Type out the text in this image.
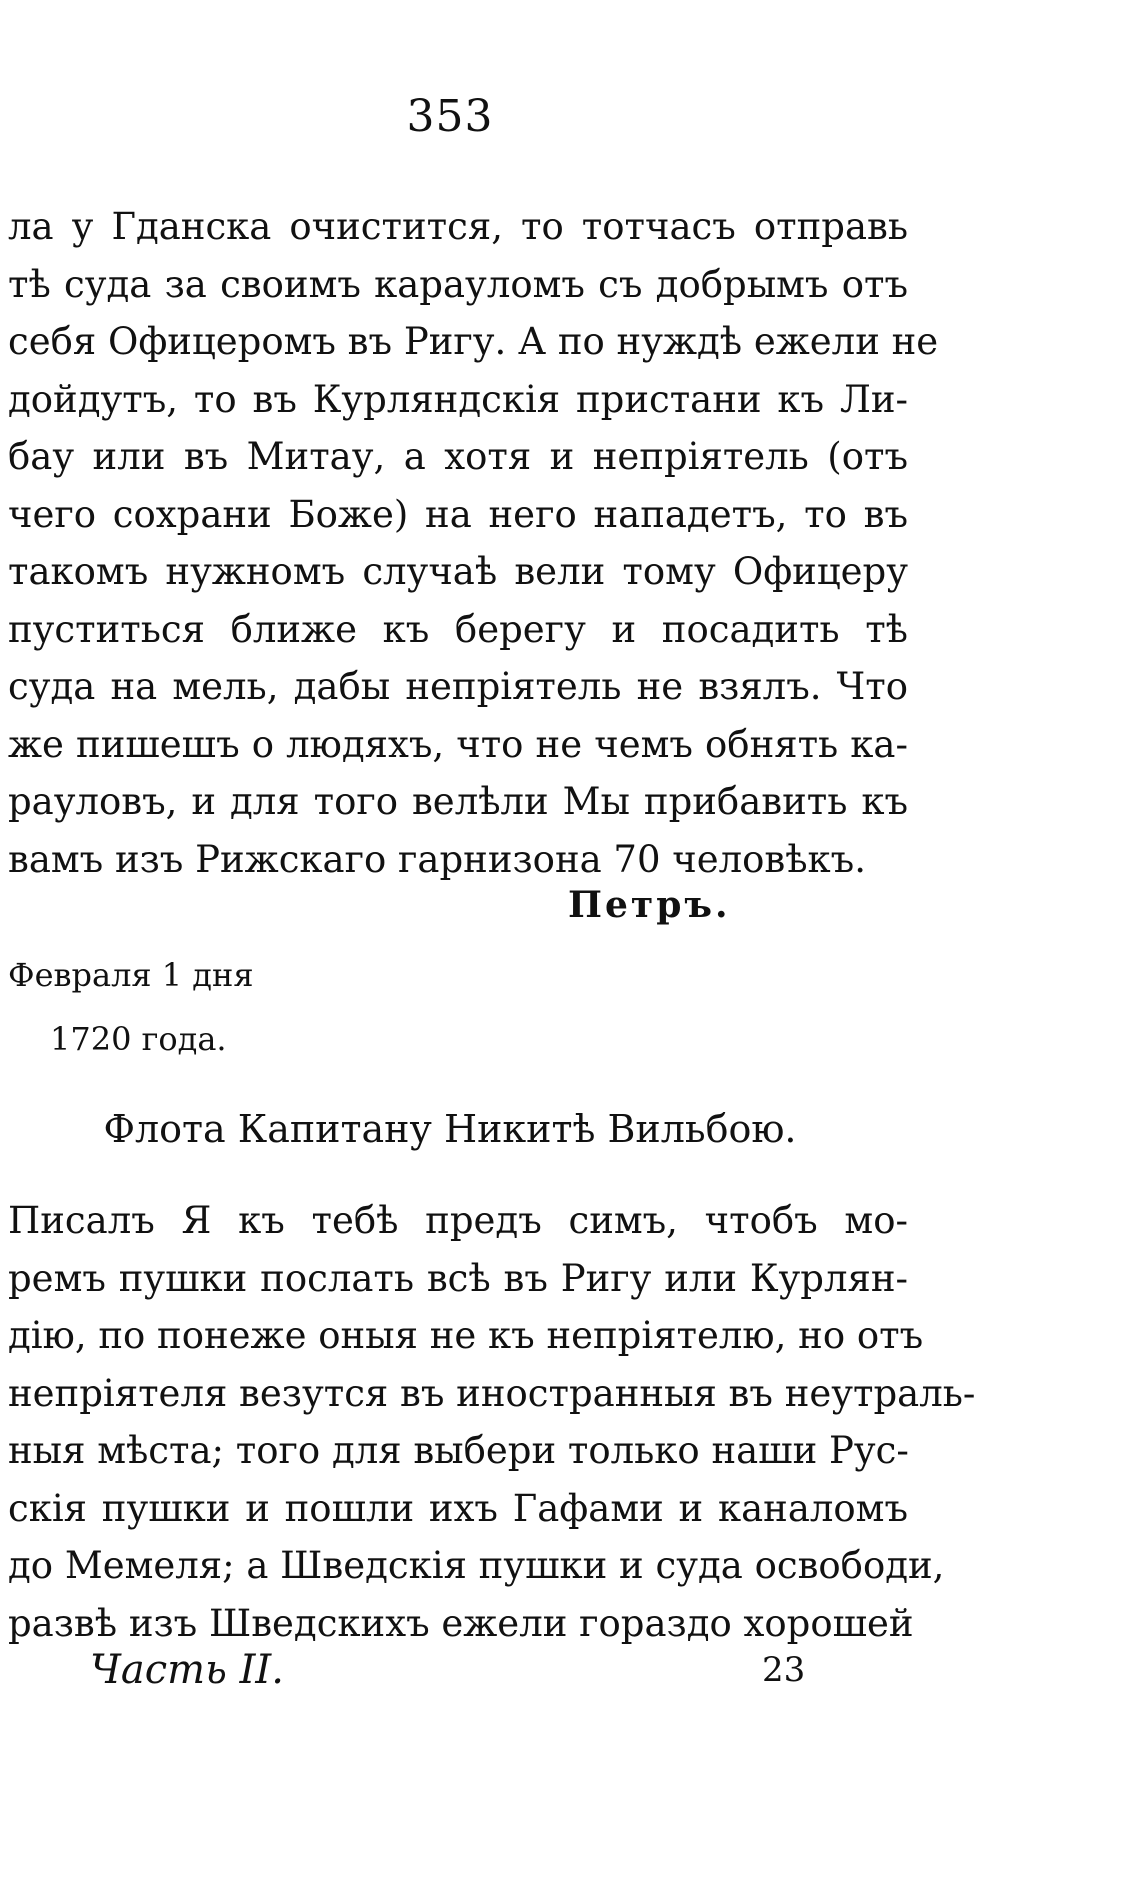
353
ла у Гданска очистится, то тотчасъ отправь
тѣ суда за своимъ карауломъ съ добрымъ отъ
себя Офицеромъ въ Ригу. А по нуждѣ ежели не
дойдутъ, то въ Курляндскія пристани къ Ли-
бау или въ Митау, а хотя и непріятель (отъ
чего сохрани Боже) на него нападетъ, то въ
такомъ нужномъ случаѣ вели тому Офицеру
пуститься ближе къ берегу и посадить тѣ
суда на мель, дабы непріятель не взялъ. Что
же пишешъ о людяхъ, что не чемъ обнять ка-
рауловъ, и для того велѣли Мы прибавить къ
вамъ изъ Рижскаго гарнизона 70 человѣкъ.
Петръ.
Февраля 1 дня
1720 года.
Флота Капитану Никитѣ Вильбою.
Писалъ Я къ тебѣ предъ симъ, чтобъ мо-
ремъ пушки послать всѣ въ Ригу или Курлян-
дію, по понеже оныя не къ непріятелю, но отъ
непріятеля везутся въ иностранныя въ неутраль-
ныя мѣста; того для выбери только наши Рус-
скія пушки и пошли ихъ Гафами и каналомъ
до Мемеля; а Шведскія пушки и суда освободи,
развѣ изъ Шведскихъ ежели гораздо хорошей
Часть II.	23
